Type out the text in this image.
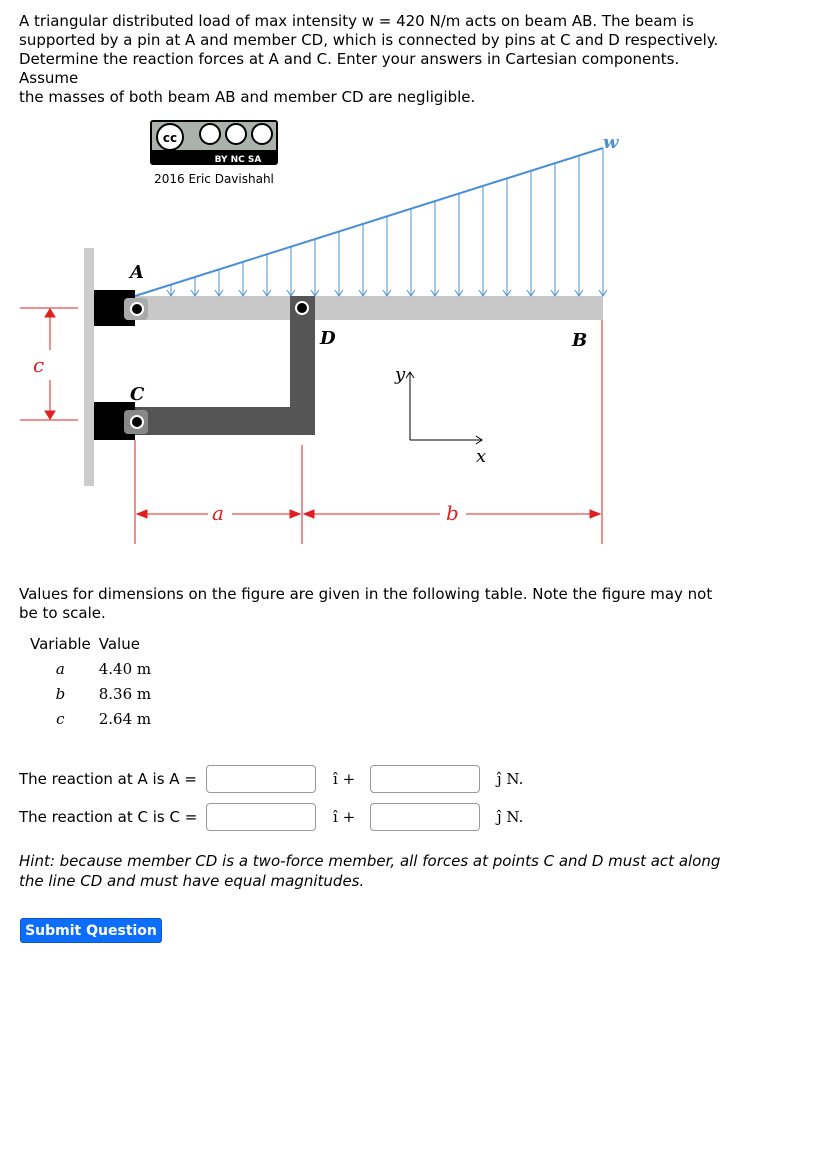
A triangular distributed load of max intensity w = 420 N/m acts on beam AB. The beam is
supported by a pin at A and member CD, which is connected by pins at C and D respectively.
Determine the reaction forces at A and C. Enter your answers in Cartesian components. Assume
the masses of both beam AB and member CD are negligible.
cc
BY NC SA
2016 Eric Davishahl
w
A
C
D	B
y
x
c
a	b
Values for dimensions on the figure are given in the following table. Note the figure may not be to scale.
Variable	Value
a	4.40 m
b	8.36 m
c	2.64 m
The reaction at A is A =	î +	ĵ N.
The reaction at C is C =	î +	ĵ N.
Hint: because member CD is a two-force member, all forces at points C and D must act along the line CD and must have equal magnitudes.
Submit Question
